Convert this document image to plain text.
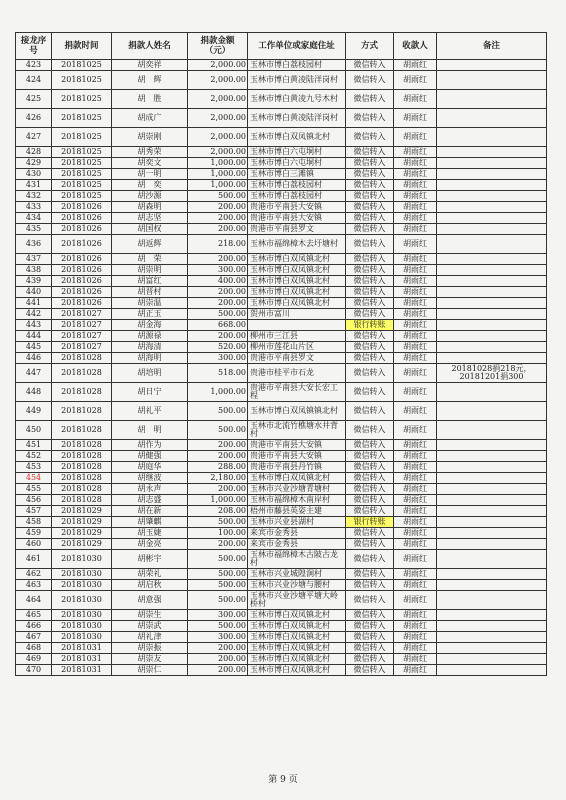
接龙序号	捐款时间	捐款人姓名	捐款金额（元）	工作单位或家庭住址	方式	收款人	备注
423	20181025	胡奕祥	2,000.00	玉林市博白荔枝园村	微信转入	胡雨红	
424	20181025	胡　辉	2,000.00	玉林市博白黄凌陆洋岗村	微信转入	胡雨红	
425	20181025	胡　胜	2,000.00	玉林市博白黄凌九号木村	微信转入	胡雨红	
426	20181025	胡成广	2,000.00	玉林市博白黄凌陆洋岗村	微信转入	胡雨红	
427	20181025	胡崇刚	2,000.00	玉林市博白双凤镇北村	微信转入	胡雨红	
428	20181025	胡秀荣	2,000.00	玉林市博白六屯垌村	微信转入	胡雨红	
429	20181025	胡奕文	1,000.00	玉林市博白六屯垌村	微信转入	胡雨红	
430	20181025	胡一明	1,000.00	玉林市博白三滩镇	微信转入	胡雨红	
431	20181025	胡　奕	1,000.00	玉林市博白荔枝园村	微信转入	胡雨红	
432	20181025	胡沙源	500.00	玉林市博白荔枝园村	微信转入	胡雨红	
433	20181026	胡森明	200.00	贵港市平南县大安镇	微信转入	胡雨红	
434	20181026	胡志坚	200.00	贵港市平南县大安镇	微信转入	胡雨红	
435	20181026	胡国权	200.00	贵港市平南县罗文	微信转入	胡雨红	
436	20181026	胡返辉	218.00	玉林市福绵樟木去圩塘村	微信转入	胡雨红	
437	20181026	胡　荣	200.00	玉林市博白双凤镇北村	微信转入	胡雨红	
438	20181026	胡崇明	300.00	玉林市博白双凤镇北村	微信转入	胡雨红	
439	20181026	胡富红	400.00	玉林市博白双凤镇北村	微信转入	胡雨红	
440	20181026	胡晋村	200.00	玉林市博白双凤镇北村	微信转入	胡雨红	
441	20181026	胡崇温	200.00	玉林市博白双凤镇北村	微信转入	胡雨红	
442	20181027	胡正玉	500.00	贺州市富川	微信转入	胡雨红	
443	20181027	胡金海	668.00		银行转账	胡雨红	
444	20181027	胡源禄	200.00	柳州市三江县	微信转入	胡雨红	
445	20181027	胡海清	520.00	柳州市莲花山片区	微信转入	胡雨红	
446	20181028	胡海明	300.00	贵港市平南县罗文	微信转入	胡雨红	
447	20181028	胡培明	518.00	贵港市桂平市石龙	微信转入	胡雨红	20181028捐218元，20181201捐300
448	20181028	胡日宁	1,000.00	贵港市平南县大安长宏工程	微信转入	胡雨红	
449	20181028	胡礼平	500.00	玉林市博白双凤镇镇北村	微信转入	胡雨红	
450	20181028	胡　明	500.00	玉林市北流竹樵塘水井背村	微信转入	胡雨红	
451	20181028	胡作为	200.00	贵港市平南县大安镇	微信转入	胡雨红	
452	20181028	胡健强	200.00	贵港市平南县大安镇	微信转入	胡雨红	
453	20181028	胡庭华	288.00	贵港市平南县丹竹镇	微信转入	胡雨红	
454	20181028	胡继波	2,180.00	玉林市博白双凤镇北村	微信转入	胡雨红	
455	20181028	胡永声	200.00	玉林市兴业沙塘青塘村	微信转入	胡雨红	
456	20181028	胡志盛	1,000.00	玉林市福绵樟木南岸村	微信转入	胡雨红	
457	20181029	胡在新	208.00	梧州市藤县英姿主建	微信转入	胡雨红	
458	20181029	胡肇麒	500.00	玉林市兴业县湖村	银行转账	胡雨红	
459	20181029	胡玉婕	100.00	来宾市金秀县	微信转入	胡雨红	
460	20181029	胡金亮	200.00	来宾市金秀县	微信转入	胡雨红	
461	20181030	胡彬宇	500.00	玉林市福绵樟木古陂古龙村	微信转入	胡雨红	
462	20181030	胡荣礼	500.00	玉林市兴业城隍涧村	微信转入	胡雨红	
463	20181030	胡启秋	500.00	玉林市兴业沙塘与腰村	微信转入	胡雨红	
464	20181030	胡意强	500.00	玉林市兴业沙塘平塘大岭桥村	微信转入	胡雨红	
465	20181030	胡崇生	300.00	玉林市博白双凤镇北村	微信转入	胡雨红	
466	20181030	胡崇武	500.00	玉林市博白双凤镇北村	微信转入	胡雨红	
467	20181030	胡礼津	300.00	玉林市博白双凤镇北村	微信转入	胡雨红	
468	20181031	胡崇振	200.00	玉林市博白双凤镇北村	微信转入	胡雨红	
469	20181031	胡崇友	200.00	玉林市博白双凤镇北村	微信转入	胡雨红	
470	20181031	胡崇仁	200.00	玉林市博白双凤镇北村	微信转入	胡雨红	
第 9 页
